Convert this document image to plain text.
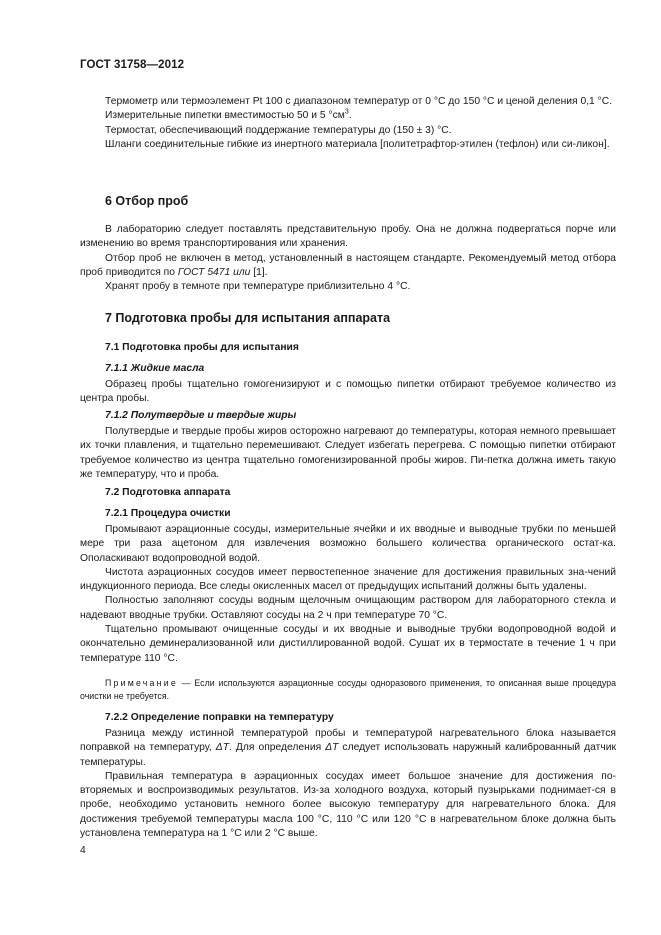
ГОСТ 31758—2012

Термометр или термоэлемент Pt 100 с диапазоном температур от 0 °С до 150 °С и ценой деления 0,1 °С.

Измерительные пипетки вместимостью 50 и 5 $^\circ см^3$.

Термостат, обеспечивающий поддержание температуры до (150 ± 3) °С.

Шланги соединительные гибкие из инертного материала [политетрафтор-этилен (тефлон) или си-ликон].

6 Отбор проб

В лабораторию следует поставлять представительную пробу. Она не должна подвергаться порче или изменению во время транспортирования или хранения.

Отбор проб не включен в метод, установленный в настоящем стандарте. Рекомендуемый метод отбора проб приводится по ГОСТ 5471 или [1].

Хранят пробу в темноте при температуре приблизительно 4 °С.

7 Подготовка пробы для испытания аппарата
7.1 Подготовка пробы для испытания
7.1.1 Жидкие масла

Образец пробы тщательно гомогенизируют и с помощью пипетки отбирают требуемое количество из центра пробы.

7.1.2 Полутвердые и твердые жиры

Полутвердые и твердые пробы жиров осторожно нагревают до температуры, которая немного превышает их точки плавления, и тщательно перемешивают. Следует избегать перегрева. С помощью пипетки отбирают требуемое количество из центра тщательно гомогенизированной пробы жиров. Пи-петка должна иметь такую же температуру, что и проба.

7.2 Подготовка аппарата
7.2.1 Процедура очистки

Промывают аэрационные сосуды, измерительные ячейки и их вводные и выводные трубки по меньшей мере три раза ацетоном для извлечения возможно большего количества органического остат-ка. Ополаскивают водопроводной водой.

Чистота аэрационных сосудов имеет первостепенное значение для достижения правильных зна-чений индукционного периода. Все следы окисленных масел от предыдущих испытаний должны быть удалены.

Полностью заполняют сосуды водным щелочным очищающим раствором для лабораторного стекла и надевают вводные трубки. Оставляют сосуды на 2 ч при температуре 70 °С.

Тщательно промывают очищенные сосуды и их вводные и выводные трубки водопроводной водой и окончательно деминерализованной или дистиллированной водой. Сушат их в термостате в течение 1 ч при температуре 110 °С.

Примечание — Если используются аэрационные сосуды одноразового применения, то описанная выше процедура очистки не требуется.

7.2.2 Определение поправки на температуру

Разница между истинной температурой пробы и температурой нагревательного блока называется поправкой на температуру, ΔT. Для определения ΔT следует использовать наружный калиброванный датчик температуры.

Правильная температура в аэрационных сосудах имеет большое значение для достижения по-вторяемых и воспроизводимых результатов. Из-за холодного воздуха, который пузырьками поднимает-ся в пробе, необходимо установить немного более высокую температуру для нагревательного блока. Для достижения требуемой температуры масла 100 °С, 110 °С или 120 °С в нагревательном блоке должна быть установлена температура на 1 °С или 2 °С выше.

4
